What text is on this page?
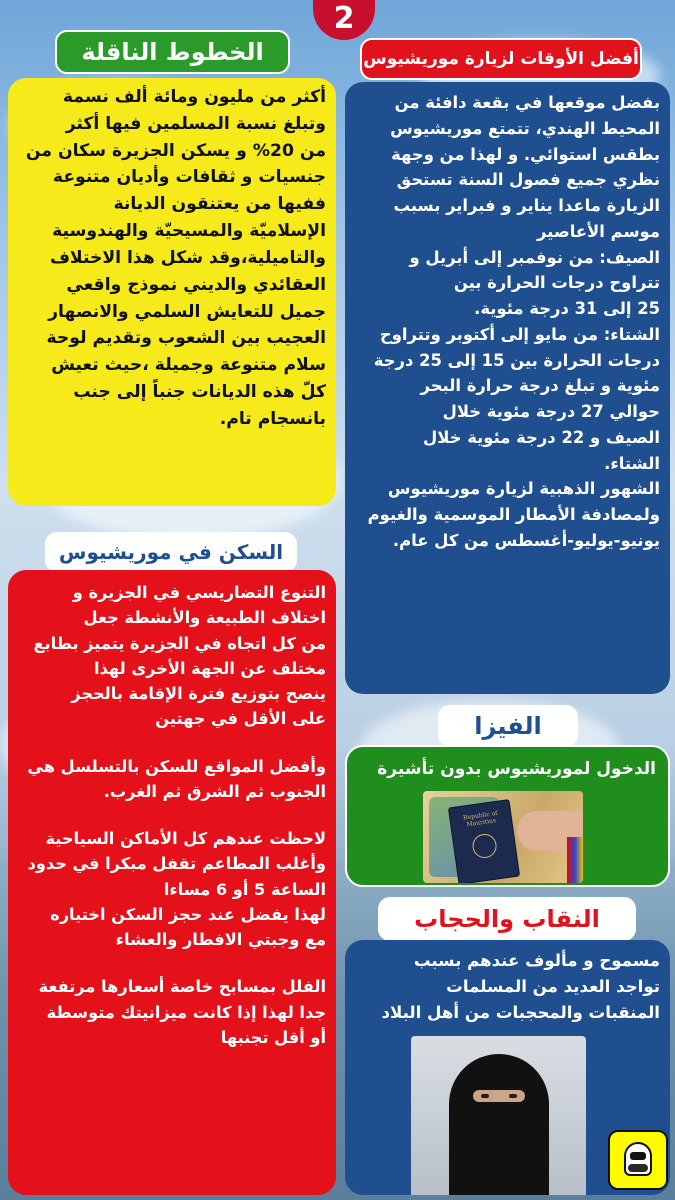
2
الخطوط الناقلة
أكثر من مليون ومائة ألف نسمة
وتبلغ نسبة المسلمين فيها أكثر
من 20% و يسكن الجزيرة سكان من
جنسيات و ثقافات وأديان متنوعة
ففيها من يعتنقون الديانة
الإسلاميّة والمسيحيّة والهندوسية
والتاميلية،وقد شكل هذا الاختلاف
العقائدي والديني نموذج واقعي
جميل للتعايش السلمي والانصهار
العجيب بين الشعوب وتقديم لوحة
سلام متنوعة وجميلة ،حيث تعيش
كلّ هذه الديانات جنباً إلى جنب
بانسجام تام.
أفضل الأوقات لزيارة موريشيوس
بفضل موقعها في بقعة دافئة من
المحيط الهندي، تتمتع موريشيوس
بطقس استوائي. و لهذا من وجهة
نظري جميع فصول السنة تستحق
الزيارة ماعدا يناير و فبراير بسبب
موسم الأعاصير
الصيف: من نوفمبر إلى أبريل و
تتراوح درجات الحرارة بين
25 إلى 31 درجة مئوية.
الشتاء: من مايو إلى أكتوبر وتتراوح
درجات الحرارة بين 15 إلى 25 درجة
مئوية و تبلغ درجة حرارة البحر
حوالي 27 درجة مئوية خلال
الصيف و 22 درجة مئوية خلال
الشتاء.
الشهور الذهبية لزيارة موريشيوس
ولمصادفة الأمطار الموسمية والغيوم
يونيو-يوليو-أغسطس من كل عام.
السكن في موريشيوس
التنوع التضاريسي في الجزيرة و
اختلاف الطبيعة والأنشطة جعل
من كل اتجاه في الجزيرة يتميز بطابع
مختلف عن الجهة الأخرى لهذا
ينصح بتوزيع فترة الإقامة بالحجز
على الأقل في جهتين
وأفضل المواقع للسكن بالتسلسل هي
الجنوب ثم الشرق ثم الغرب.
لاحظت عندهم كل الأماكن السياحية
وأغلب المطاعم تقفل مبكرا في حدود
الساعة 5 أو 6 مساءا
لهذا يفضل عند حجز السكن اختياره
مع وجبتي الافطار والعشاء
الفلل بمسابح خاصة أسعارها مرتفعة
جدا لهذا إذا كانت ميزانيتك متوسطة
أو أقل تجنبها
الفيزا
الدخول لموريشيوس بدون تأشيرة
Republic of Mauritius
النقاب والحجاب
مسموح و مألوف عندهم بسبب
تواجد العديد من المسلمات
المنقبات والمحجبات من أهل البلاد
